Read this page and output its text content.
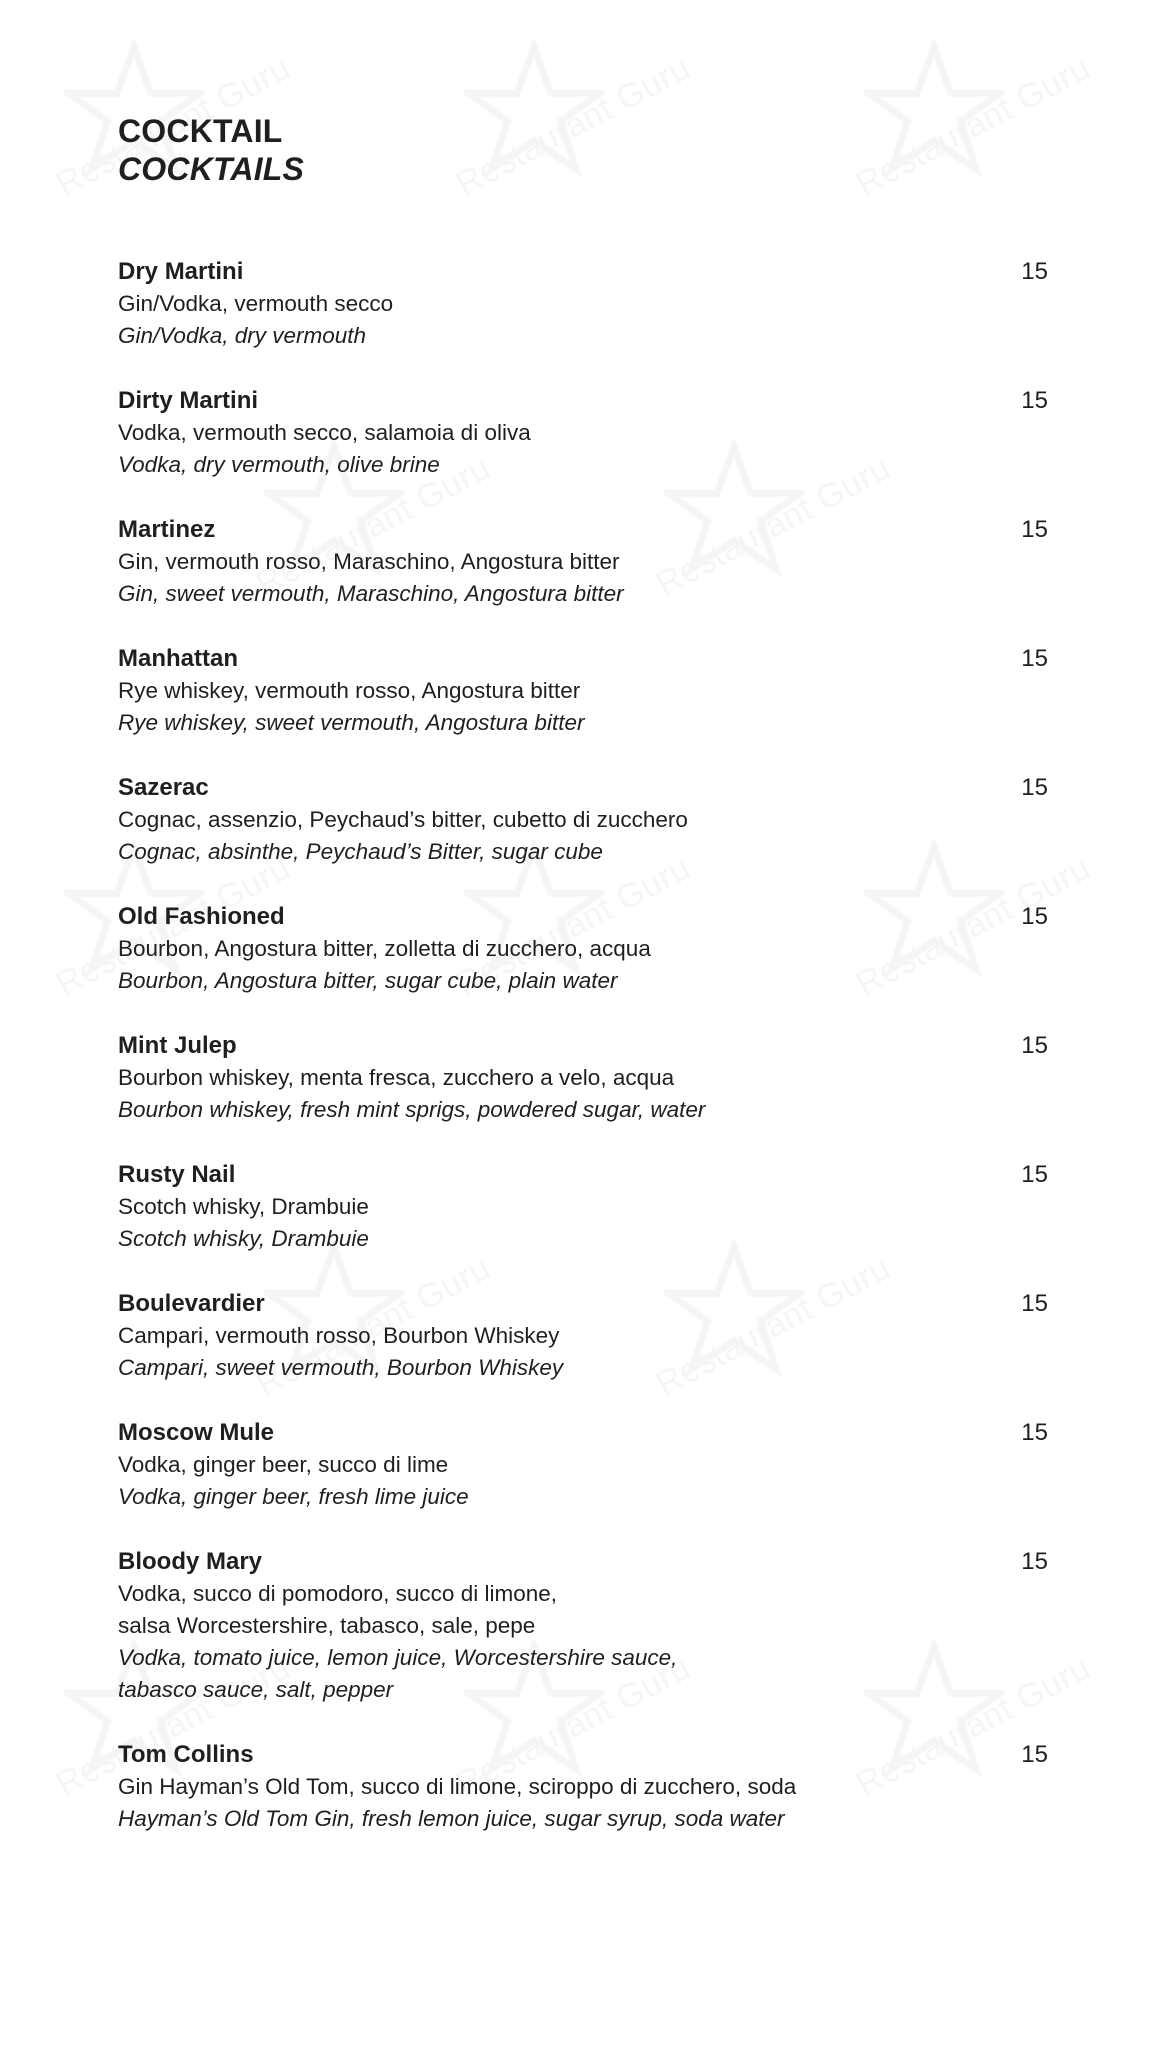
COCKTAIL
COCKTAILS
Dry Martini	15
Gin/Vodka, vermouth secco
Gin/Vodka, dry vermouth
Dirty Martini	15
Vodka, vermouth secco, salamoia di oliva
Vodka, dry vermouth, olive brine
Martinez	15
Gin, vermouth rosso, Maraschino, Angostura bitter
Gin, sweet vermouth, Maraschino, Angostura bitter
Manhattan	15
Rye whiskey, vermouth rosso, Angostura bitter
Rye whiskey, sweet vermouth, Angostura bitter
Sazerac	15
Cognac, assenzio, Peychaud’s bitter, cubetto di zucchero
Cognac, absinthe, Peychaud’s Bitter, sugar cube
Old Fashioned	15
Bourbon, Angostura bitter, zolletta di zucchero, acqua
Bourbon, Angostura bitter, sugar cube, plain water
Mint Julep	15
Bourbon whiskey, menta fresca, zucchero a velo, acqua
Bourbon whiskey, fresh mint sprigs, powdered sugar, water
Rusty Nail	15
Scotch whisky, Drambuie
Scotch whisky, Drambuie
Boulevardier	15
Campari, vermouth rosso, Bourbon Whiskey
Campari, sweet vermouth, Bourbon Whiskey
Moscow Mule	15
Vodka, ginger beer, succo di lime
Vodka, ginger beer, fresh lime juice
Bloody Mary	15
Vodka, succo di pomodoro, succo di limone,
salsa Worcestershire, tabasco, sale, pepe
Vodka, tomato juice, lemon juice, Worcestershire sauce,
tabasco sauce, salt, pepper
Tom Collins	15
Gin Hayman’s Old Tom, succo di limone, sciroppo di zucchero, soda
Hayman’s Old Tom Gin, fresh lemon juice, sugar syrup, soda water
